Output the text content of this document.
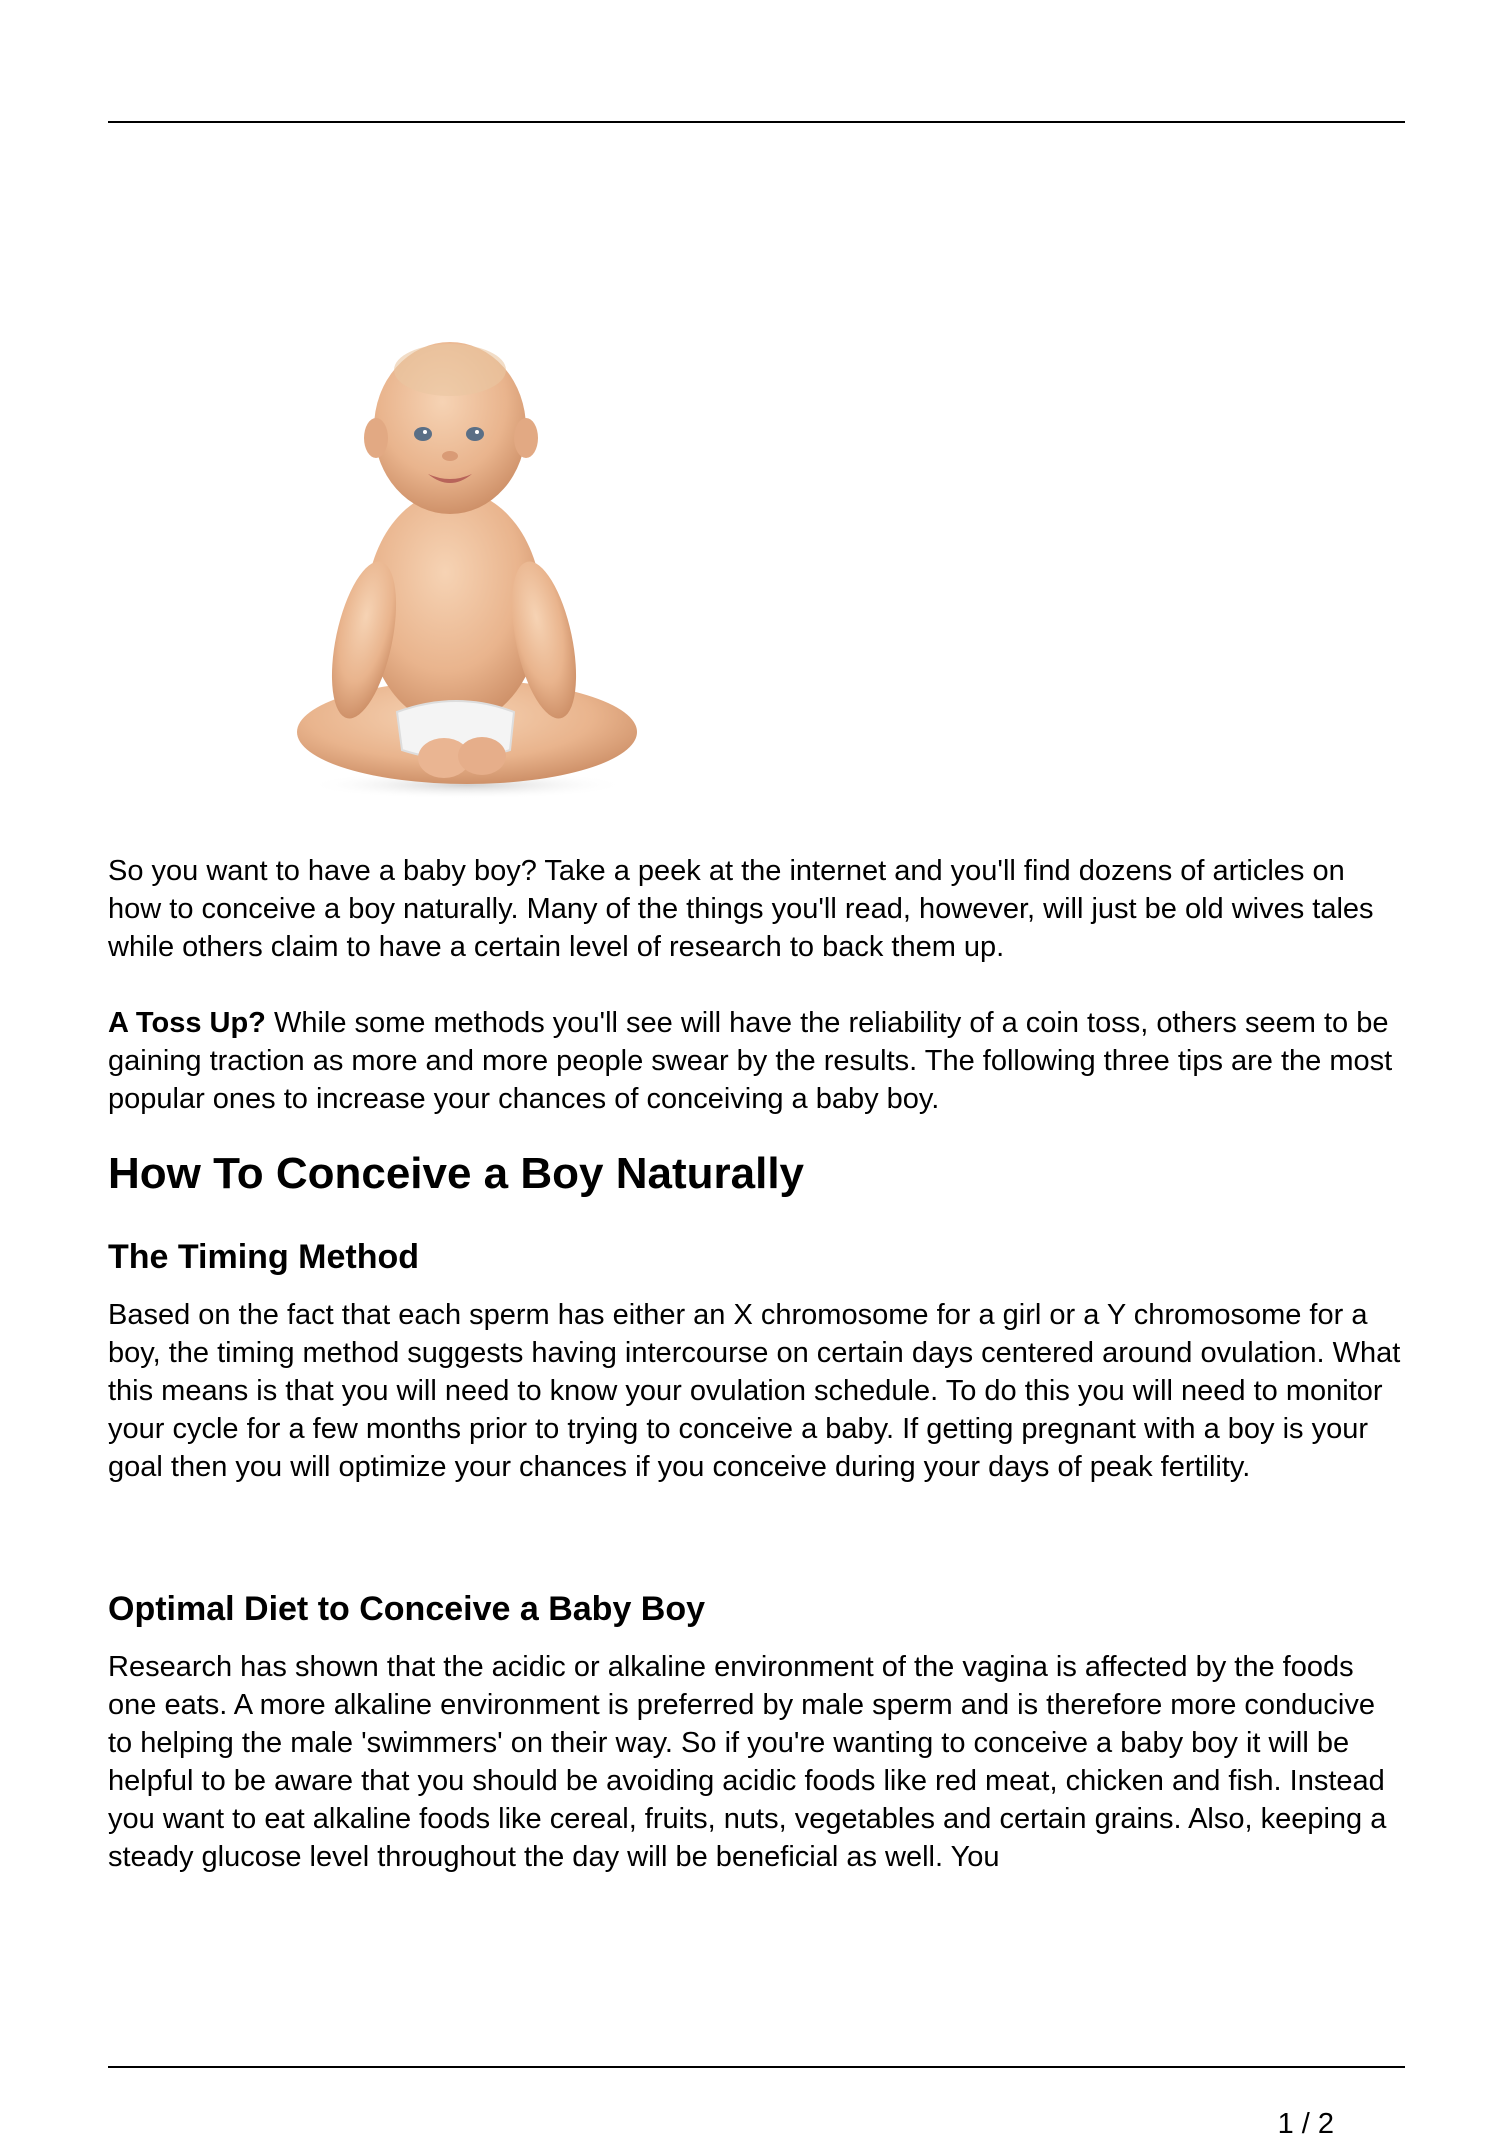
So you want to have a baby boy? Take a peek at the internet and you'll find dozens of articles on how to conceive a boy naturally. Many of the things you'll read, however, will just be old wives tales while others claim to have a certain level of research to back them up.

A Toss Up? While some methods you'll see will have the reliability of a coin toss, others seem to be gaining traction as more and more people swear by the results. The following three tips are the most popular ones to increase your chances of conceiving a baby boy.

How To Conceive a Boy Naturally
The Timing Method

Based on the fact that each sperm has either an X chromosome for a girl or a Y chromosome for a boy, the timing method suggests having intercourse on certain days centered around ovulation. What this means is that you will need to know your ovulation schedule. To do this you will need to monitor your cycle for a few months prior to trying to conceive a baby. If getting pregnant with a boy is your goal then you will optimize your chances if you conceive during your days of peak fertility.

Optimal Diet to Conceive a Baby Boy

Research has shown that the acidic or alkaline environment of the vagina is affected by the foods one eats. A more alkaline environment is preferred by male sperm and is therefore more conducive to helping the male 'swimmers' on their way. So if you're wanting to conceive a baby boy it will be helpful to be aware that you should be avoiding acidic foods like red meat, chicken and fish. Instead you want to eat alkaline foods like cereal, fruits, nuts, vegetables and certain grains. Also, keeping a steady glucose level throughout the day will be beneficial as well. You

1 / 2
